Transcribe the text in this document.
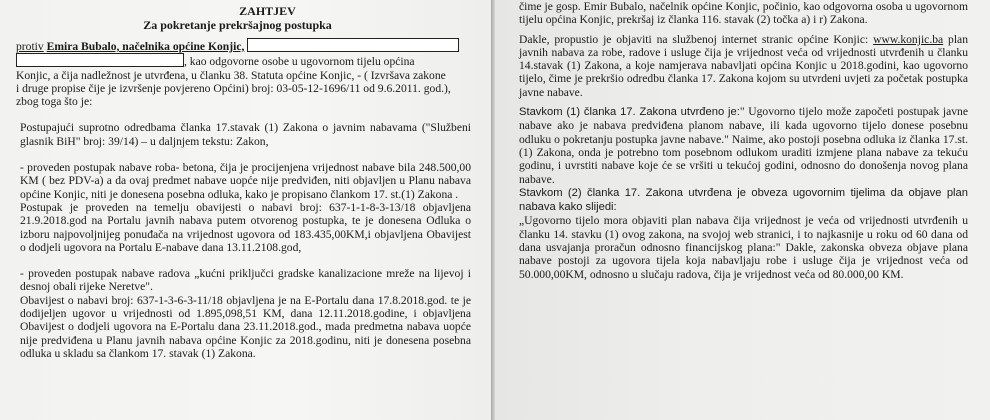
ZAHTJEV
Za pokretanje prekršajnog postupka

protiv Emira Bubalo, načelnika općine Konjic,

, kao odgovorne osobe u ugovornom tijelu općina

Konjic, a čija nadležnost je utvrđena, u članku 38. Statuta općine Konjic, - ( Izvršava zakone

i druge propise čije je izvršenje povjereno Općini) broj: 03-05-12-1696/11 od 9.6.2011. god.),

zbog toga što je:

Postupajući suprotno odredbama članka 17.stavak (1) Zakona o javnim nabavama ("Službeni glasnik BiH" broj: 39/14) – u daljnjem tekstu: Zakon,

- proveden postupak nabave roba- betona, čija je procijenjena vrijednost nabave bila 248.500,00 KM ( bez PDV-a) a da ovaj predmet nabave uopće nije predviđen, niti objavljen u Planu nabava općine Konjic, niti je donesena posebna odluka, kako je propisano člankom 17. st.(1) Zakona .

Postupak je proveden na temelju obavijesti o nabavi broj: 637-1-1-8-3-13/18 objavljena 21.9.2018.god na Portalu javnih nabava putem otvorenog postupka, te je donesena Odluka o izboru najpovoljnijeg ponuđača na vrijednost ugovora od 183.435,00KM,i objavljena Obavijest o dodjeli ugovora na Portalu E-nabave dana 13.11.2108.god,

- proveden postupak nabave radova „kućni priključci gradske kanalizacione mreže na lijevoj i desnoj obali rijeke Neretve".

Obavijest o nabavi broj: 637-1-3-6-3-11/18 objavljena je na E-Portalu dana 17.8.2018.god. te je dodijeljen ugovor u vrijednosti od 1.895,098,51 KM, dana 12.11.2018.godine, i objavljena Obavijest o dodjeli ugovora na E-Portalu dana 23.11.2018.god., mada predmetna nabava uopće nije predviđena u Planu javnih nabava općine Konjic za 2018.godinu, niti je donesena posebna odluka u skladu sa člankom 17. stavak (1) Zakona.

čime je gosp. Emir Bubalo, načelnik općine Konjic, počinio, kao odgovorna osoba u ugovornom tijelu općina Konjic, prekršaj iz članka 116. stavak (2) točka a) i r) Zakona.

Dakle, propustio je objaviti na službenoj internet stranic općine Konjic: www.konjic.ba plan javnih nabava za robe, radove i usluge čija je vrijednost veća od vrijednosti utvrđenih u članku 14.stavak (1) Zakona, a koje namjerava nabavlјati općina Konjic u 2018.godini, kao ugovorno tijelo, čime je prekršio odredbu članka 17. Zakona kojom su utvrdeni uvjeti za početak postupka javne nabave.

Stavkom (1) članka 17. Zakona utvrđeno je:" Ugovorno tijelo može započeti postupak javne nabave ako je nabava predviđena planom nabave, ili kada ugovorno tijelo donese posebnu odluku o pokretanju postupka javne nabave." Naime, ako postoji posebna odluka iz članka 17.st. (1) Zakona, onda je potrebno tom posebnom odlukom uraditi izmjene plana nabave za tekuću godinu, i uvrstiti nabave koje će se vršiti u tekućoj godini, odnosno do donošenja novog plana nabave.

Stavkom (2) članka 17. Zakona utvrđena je obveza ugovornim tijelima da objave plan nabava kako slijedi:
„Ugovorno tijelo mora objaviti plan nabava čija vrijednost je veća od vrijednosti utvrđenih u članku 14. stavku (1) ovog zakona, na svojoj web stranici, i to najkasnije u roku od 60 dana od dana usvajanja proračun odnosno financijskog plana:" Dakle, zakonska obveza objave plana nabave postoji za ugovora tijela koja nabavljaju robe i usluge čija je vrijednost veća od 50.000,00KM, odnosno u slučaju radova, čija je vrijednost veća od 80.000,00 KM.
